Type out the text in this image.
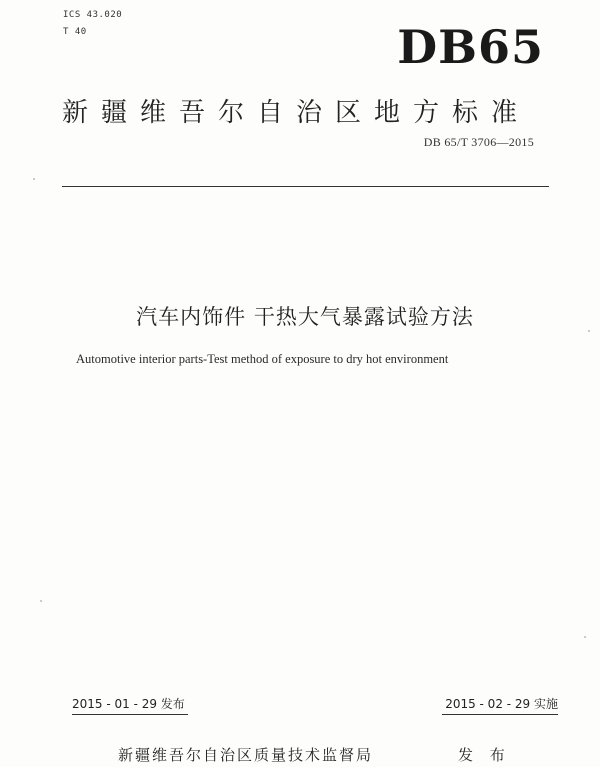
ICS 43.020
T 40	DB65
新疆维吾尔自治区地方标准
DB 65/T 3706—2015
汽车内饰件 干热大气暴露试验方法
Automotive interior parts-Test method of exposure to dry hot environment
2015 - 01 - 29 发布	2015 - 02 - 29 实施
新疆维吾尔自治区质量技术监督局	发 布
